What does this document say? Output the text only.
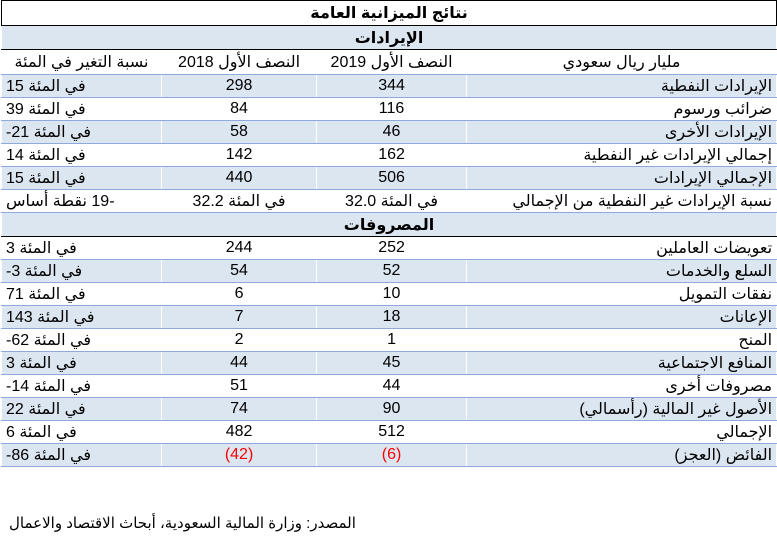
نتائج الميزانية العامة			
الإيرادات			
مليار ريال سعودي	النصف الأول 2019	النصف الأول 2018	نسبة التغير في المئة
الإيرادات النفطية	344	298	في المئة 15
ضرائب ورسوم	116	84	في المئة 39
الإيرادات الأخرى	46	58	في المئة 21-
إجمالي الإيرادات غير النفطية	162	142	في المئة 14
الإجمالي الإيرادات	506	440	في المئة 15
نسبة الإيرادات غير النفطية من الإجمالي	في المئة 32.0	في المئة 32.2	-19 نقطة أساس
المصروفات			
تعويضات العاملين	252	244	في المئة 3
السلع والخدمات	52	54	في المئة 3-
نفقات التمويل	10	6	في المئة 71
الإعانات	18	7	في المئة 143
المنح	1	2	في المئة 62-
المنافع الاجتماعية	45	44	في المئة 3
مصروفات أخرى	44	51	في المئة 14-
الأصول غير المالية (رأسمالي)	90	74	في المئة 22
الإجمالي	512	482	في المئة 6
الفائض (العجز)	(6)	(42)	في المئة 86-
المصدر: وزارة المالية السعودية، أبحاث الاقتصاد والاعمال
